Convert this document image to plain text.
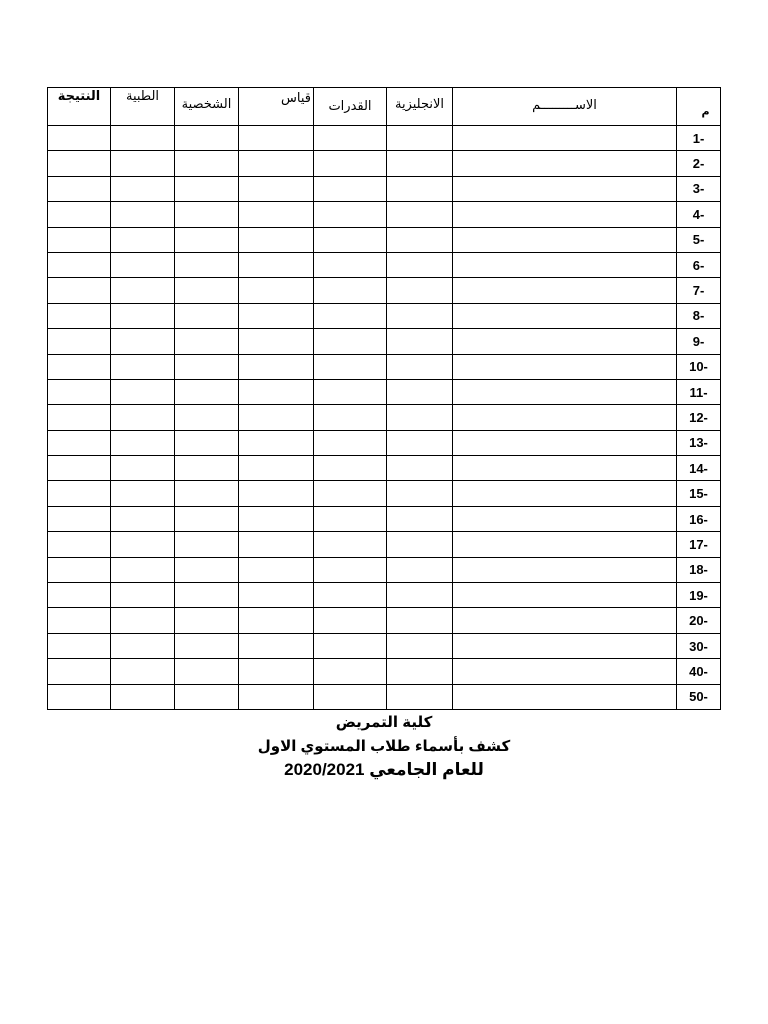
النتيجة	الطبية	الشخصية	قياس	القدرات	الانجليزية	الاســـــــــم	م

							1-
							2-
							3-
							4-
							5-
							6-
							7-
							8-
							9-
							10-
							11-
							12-
							13-
							14-
							15-
							16-
							17-
							18-
							19-
							20-
							30-
							40-
							50-
كلية التمريض
كشف بأسماء طلاب المستوي الاول
للعام الجامعي 2020/2021
